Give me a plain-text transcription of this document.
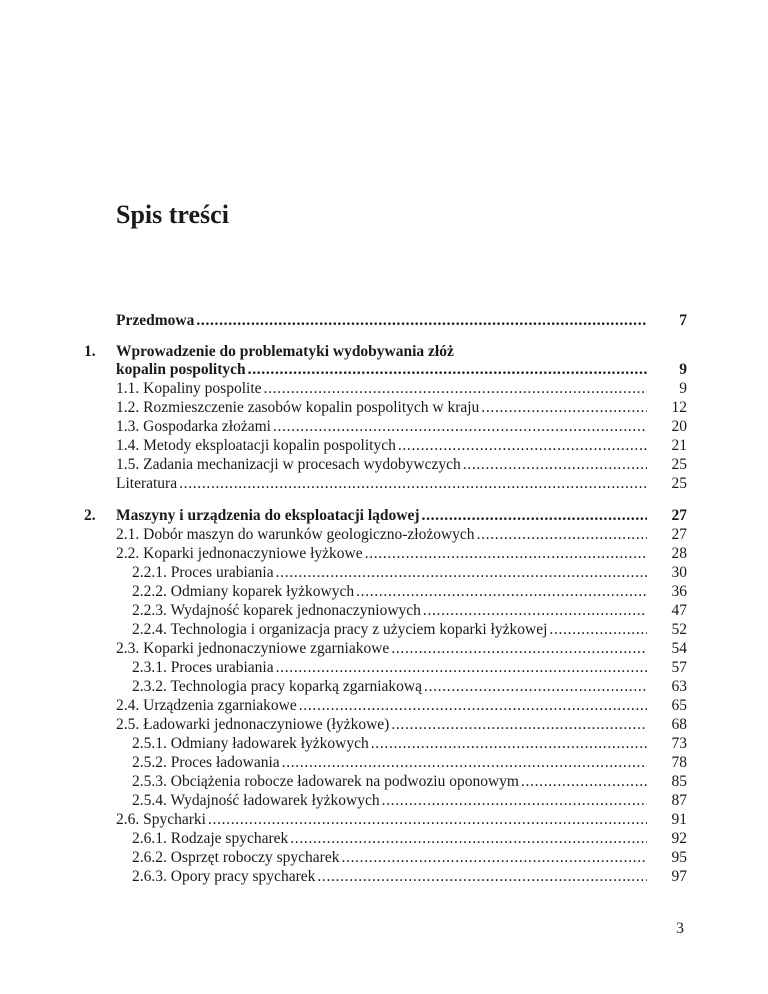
Spis treści
Przedmowa . . .	7
1. Wprowadzenie do problematyki wydobywania złóż
kopalin pospolitych . . .	9
1.1. Kopaliny pospolite . . .	9
1.2. Rozmieszczenie zasobów kopalin pospolitych w kraju . . .	12
1.3. Gospodarka złożami . . .	20
1.4. Metody eksploatacji kopalin pospolitych . . .	21
1.5. Zadania mechanizacji w procesach wydobywczych . . .	25
Literatura . . .	25
2. Maszyny i urządzenia do eksploatacji lądowej . . .	27
2.1. Dobór maszyn do warunków geologiczno-złożowych . . .	27
2.2. Koparki jednonaczyniowe łyżkowe . . .	28
2.2.1. Proces urabiania . . .	30
2.2.2. Odmiany koparek łyżkowych . . .	36
2.2.3. Wydajność koparek jednonaczyniowych . . .	47
2.2.4. Technologia i organizacja pracy z użyciem koparki łyżkowej . . .	52
2.3. Koparki jednonaczyniowe zgarniakowe . . .	54
2.3.1. Proces urabiania . . .	57
2.3.2. Technologia pracy koparką zgarniakową . . .	63
2.4. Urządzenia zgarniakowe . . .	65
2.5. Ładowarki jednonaczyniowe (łyżkowe) . . .	68
2.5.1. Odmiany ładowarek łyżkowych . . .	73
2.5.2. Proces ładowania . . .	78
2.5.3. Obciążenia robocze ładowarek na podwoziu oponowym . . .	85
2.5.4. Wydajność ładowarek łyżkowych . . .	87
2.6. Spycharki . . .	91
2.6.1. Rodzaje spycharek . . .	92
2.6.2. Osprzęt roboczy spycharek . . .	95
2.6.3. Opory pracy spycharek . . .	97
3
